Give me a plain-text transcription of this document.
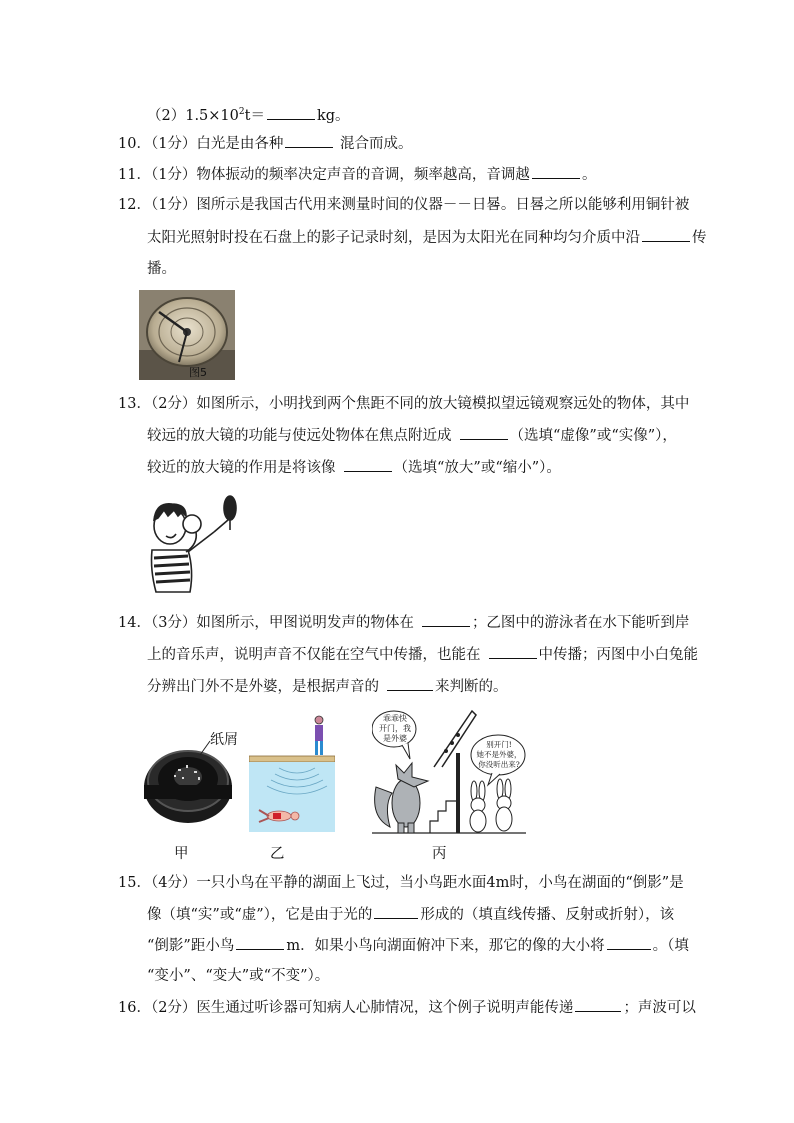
$(2)1.5\times 10^2t=$	kg。
10．（1分）白光是由各种	混合而成。
11．（1分）物体振动的频率决定声音的音调，频率越高，音调越	。
12．（1分）图所示是我国古代用来测量时间的仪器－－日晷。日晷之所以能够利用铜针被
太阳光照射时投在石盘上的影子记录时刻，是因为太阳光在同种均匀介质中沿	传
播。
图5
13．（2分）如图所示，小明找到两个焦距不同的放大镜模拟望远镜观察远处的物体，其中
较远的放大镜的功能与使远处物体在焦点附近成	（选填“虚像”或“实像”），
较近的放大镜的作用是将该像	（选填“放大”或“缩小”）。
14．（3分）如图所示，甲图说明发声的物体在	；乙图中的游泳者在水下能听到岸
上的音乐声，说明声音不仅能在空气中传播，也能在	中传播；丙图中小白兔能
分辨出门外不是外婆，是根据声音的	来判断的。
纸屑
乖乖快
开门，我
是外婆
别开门!
她不是外婆，
你没听出来?
甲	乙	丙
15．（4分）一只小鸟在平静的湖面上飞过，当小鸟距水面4m时，小鸟在湖面的“倒影”是
像（填“实”或“虚”），它是由于光的	形成的（填直线传播、反射或折射），该
“倒影”距小鸟	m．如果小鸟向湖面俯冲下来，那它的像的大小将	。（填
“变小”、“变大”或“不变”）。
16．（2分）医生通过听诊器可知病人心肺情况，这个例子说明声能传递	；声波可以
